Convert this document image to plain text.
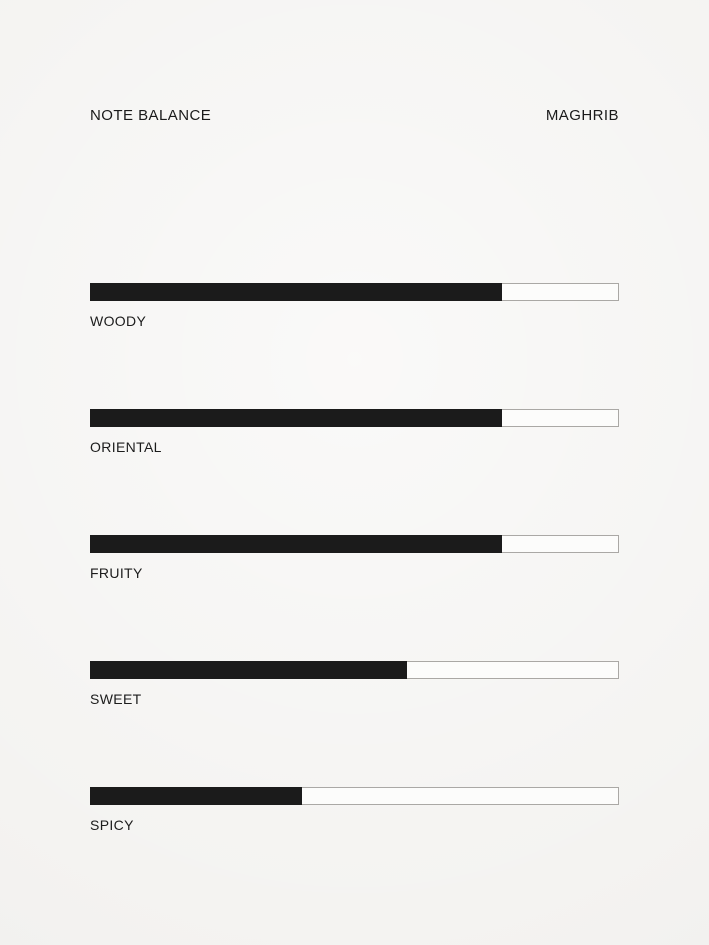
NOTE BALANCE	MAGHRIB
WOODY
ORIENTAL
FRUITY
SWEET
SPICY
